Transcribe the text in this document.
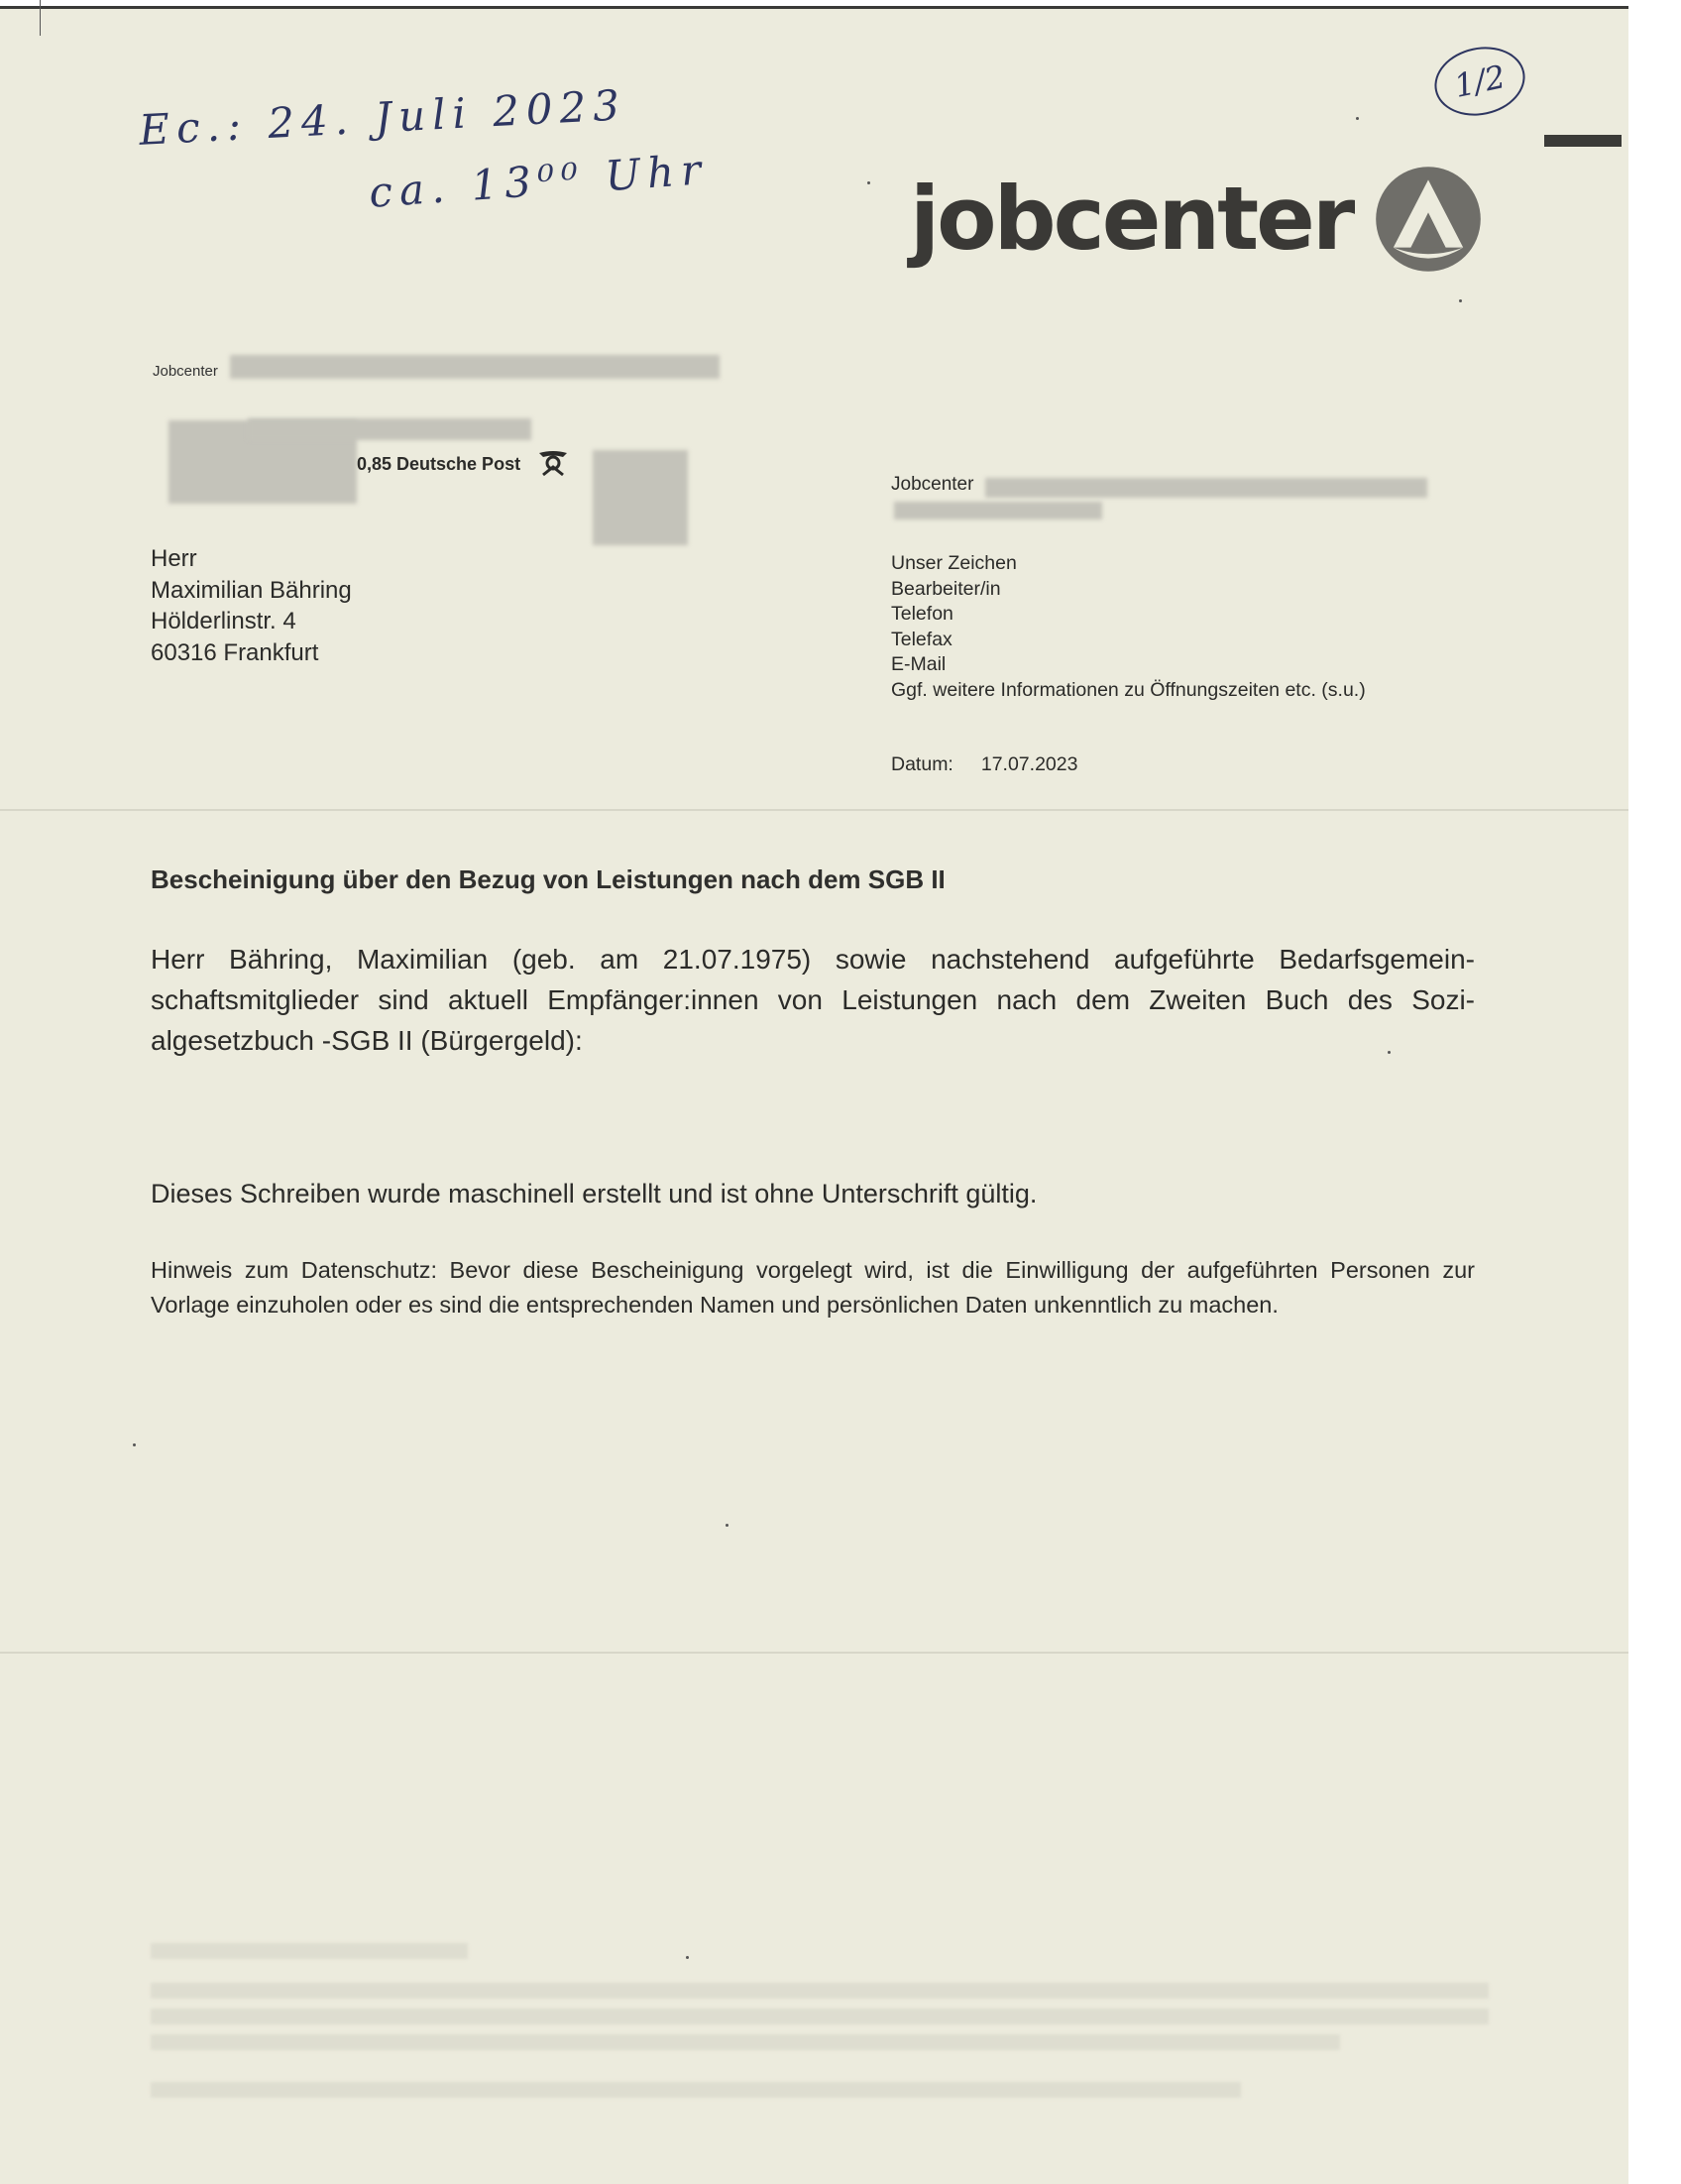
Ec.: 24. Juli 2023
ca. 13⁰⁰ Uhr
1/2
jobcenter
Jobcenter
0,85 Deutsche Post
Herr
Maximilian Bähring
Hölderlinstr. 4
60316 Frankfurt
Jobcenter
Unser Zeichen
Bearbeiter/in
Telefon
Telefax
E-Mail
Ggf. weitere Informationen zu Öffnungszeiten etc. (s.u.)
Datum: 17.07.2023
Bescheinigung über den Bezug von Leistungen nach dem SGB II
Herr Bähring, Maximilian (geb. am 21.07.1975) sowie nachstehend aufgeführte Bedarfsgemeinschaftsmitglieder sind aktuell Empfänger:innen von Leistungen nach dem Zweiten Buch des Sozialgesetzbuch -SGB II (Bürgergeld):
Dieses Schreiben wurde maschinell erstellt und ist ohne Unterschrift gültig.
Hinweis zum Datenschutz: Bevor diese Bescheinigung vorgelegt wird, ist die Einwilligung der aufgeführten Personen zur Vorlage einzuholen oder es sind die entsprechenden Namen und persönlichen Daten unkenntlich zu machen.
